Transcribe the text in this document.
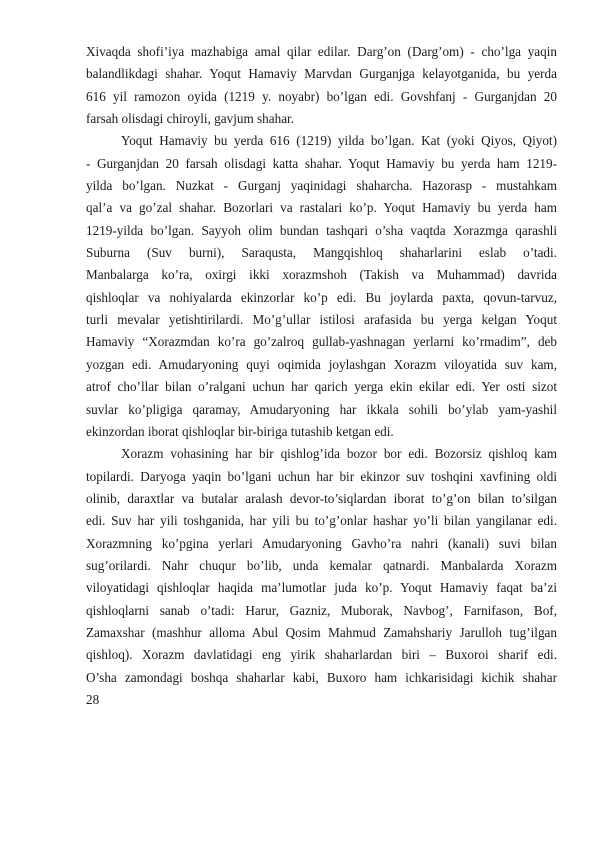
Xivaqda shofi’iya mazhabiga amal qilar edilar. Darg’on (Darg’om) - cho’lga yaqin
balandlikdagi shahar. Yoqut Hamaviy Marvdan Gurganjga kelayotganida, bu yerda
616 yil ramozon oyida (1219 y. noyabr) bo’lgan edi. Govshfanj - Gurganjdan 20
farsah olisdagi chiroyli, gavjum shahar.
Yoqut Hamaviy bu yerda 616 (1219) yilda bo’lgan. Kat (yoki Qiyos, Qiyot)
- Gurganjdan 20 farsah olisdagi katta shahar. Yoqut Hamaviy bu yerda ham 1219-
yilda bo’lgan. Nuzkat - Gurganj yaqinidagi shaharcha. Hazorasp - mustahkam
qal’a va go’zal shahar. Bozorlari va rastalari ko’p. Yoqut Hamaviy bu yerda ham
1219-yilda bo’lgan. Sayyoh olim bundan tashqari o’sha vaqtda Xorazmga qarashli
Suburna (Suv burni), Saraqusta, Mangqishloq shaharlarini eslab o’tadi.
Manbalarga ko’ra, oxirgi ikki xorazmshoh (Takish va Muhammad) davrida
qishloqlar va nohiyalarda ekinzorlar ko’p edi. Bu joylarda paxta, qovun-tarvuz,
turli mevalar yetishtirilardi. Mo’g’ullar istilosi arafasida bu yerga kelgan Yoqut
Hamaviy “Xorazmdan ko’ra go’zalroq gullab-yashnagan yerlarni ko’rmadim”, deb
yozgan edi. Amudaryoning quyi oqimida joylashgan Xorazm viloyatida suv kam,
atrof cho’llar bilan o’ralgani uchun har qarich yerga ekin ekilar edi. Yer osti sizot
suvlar ko’pligiga qaramay, Amudaryoning har ikkala sohili bo’ylab yam-yashil
ekinzordan iborat qishloqlar bir-biriga tutashib ketgan edi.
Xorazm vohasining har bir qishlog’ida bozor bor edi. Bozorsiz qishloq kam
topilardi. Daryoga yaqin bo’lgani uchun har bir ekinzor suv toshqini xavfining oldi
olinib, daraxtlar va butalar aralash devor-to’siqlardan iborat to’g’on bilan to’silgan
edi. Suv har yili toshganida, har yili bu to’g’onlar hashar yo’li bilan yangilanar edi.
Xorazmning ko’pgina yerlari Amudaryoning Gavho’ra nahri (kanali) suvi bilan
sug’orilardi. Nahr chuqur bo’lib, unda kemalar qatnardi. Manbalarda Xorazm
viloyatidagi qishloqlar haqida ma’lumotlar juda ko’p. Yoqut Hamaviy faqat ba’zi
qishloqlarni sanab o’tadi: Harur, Gazniz, Muborak, Navbog’, Farnifason, Bof,
Zamaxshar (mashhur alloma Abul Qosim Mahmud Zamahshariy Jarulloh tug’ilgan
qishloq). Xorazm davlatidagi eng yirik shaharlardan biri – Buxoroi sharif edi.
O’sha zamondagi boshqa shaharlar kabi, Buxoro ham ichkarisidagi kichik shahar
28
